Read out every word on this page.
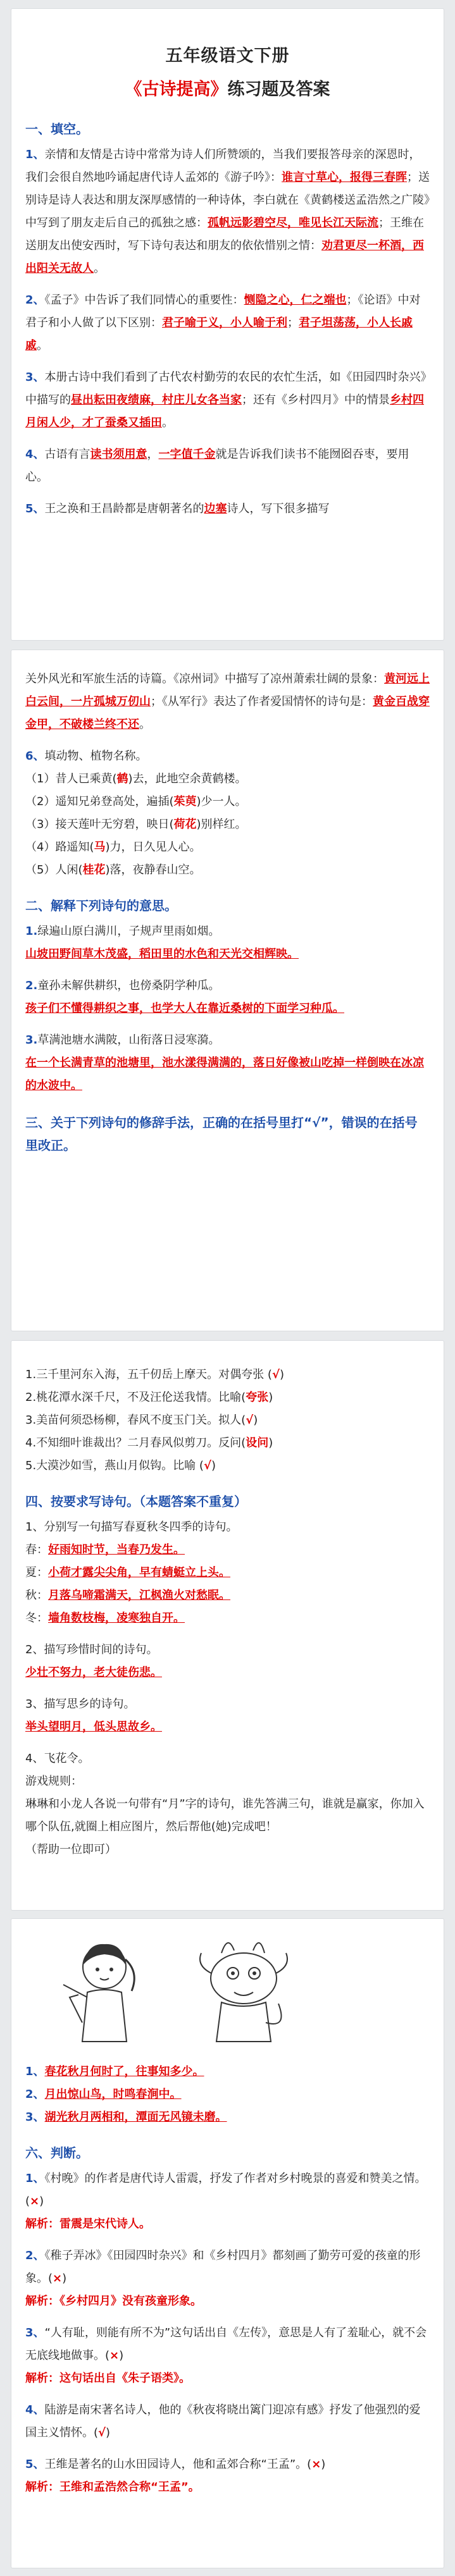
五年级语文下册
《古诗提高》练习题及答案
一、填空。

1、亲情和友情是古诗中常常为诗人们所赞颂的，当我们要报答母亲的深恩时，我们会很自然地吟诵起唐代诗人孟郊的《游子吟》：谁言寸草心，报得三春晖；送别诗是诗人表达和朋友深厚感情的一种诗体，李白就在《黄鹤楼送孟浩然之广陵》中写到了朋友走后自己的孤独之感：孤帆远影碧空尽，唯见长江天际流；王维在送朋友出使安西时，写下诗句表达和朋友的依依惜别之情：劝君更尽一杯酒，西出阳关无故人。

2、《孟子》中告诉了我们同情心的重要性：恻隐之心，仁之端也；《论语》中对君子和小人做了以下区别：君子喻于义，小人喻于利；君子坦荡荡，小人长戚戚。

3、本册古诗中我们看到了古代农村勤劳的农民的农忙生活，如《田园四时杂兴》中描写的昼出耘田夜绩麻，村庄儿女各当家；还有《乡村四月》中的情景乡村四月闲人少，才了蚕桑又插田。

4、古语有言读书须用意，一字值千金就是告诉我们读书不能囫囵吞枣，要用心。

5、王之涣和王昌龄都是唐朝著名的边塞诗人，写下很多描写

关外风光和军旅生活的诗篇。《凉州词》中描写了凉州萧索壮阔的景象：黄河远上白云间，一片孤城万仞山；《从军行》表达了作者爱国情怀的诗句是：黄金百战穿金甲，不破楼兰终不还。

6、填动物、植物名称。

（1）昔人已乘黄(鹤)去，此地空余黄鹤楼。

（2）遥知兄弟登高处，遍插(茱萸)少一人。

（3）接天莲叶无穷碧，映日(荷花)别样红。

（4）路遥知(马)力，日久见人心。

（5）人闲(桂花)落，夜静春山空。

二、解释下列诗句的意思。

1.绿遍山原白满川，子规声里雨如烟。

山坡田野间草木茂盛，稻田里的水色和天光交相辉映。

2.童孙未解供耕织，也傍桑阴学种瓜。

孩子们不懂得耕织之事，也学大人在靠近桑树的下面学习种瓜。

3.草满池塘水满陂，山衔落日浸寒漪。

在一个长满青草的池塘里，池水漾得满满的，落日好像被山吃掉一样倒映在冰凉的水波中。

三、关于下列诗句的修辞手法，正确的在括号里打“√”，错误的在括号里改正。

1.三千里河东入海，五千仞岳上摩天。对偶夸张 (√)

2.桃花潭水深千尺，不及汪伦送我情。比喻(夸张)

3.美苗何须恐杨柳，春风不度玉门关。拟人(√)

4.不知细叶谁裁出？二月春风似剪刀。反问(设问)

5.大漠沙如雪，燕山月似钩。比喻 (√)

四、按要求写诗句。（本题答案不重复）

1、分别写一句描写春夏秋冬四季的诗句。

春：好雨知时节，当春乃发生。

夏：小荷才露尖尖角，早有蜻蜓立上头。

秋：月落乌啼霜满天，江枫渔火对愁眠。

冬：墙角数枝梅，凌寒独自开。

2、描写珍惜时间的诗句。

少壮不努力，老大徒伤悲。

3、描写思乡的诗句。

举头望明月，低头思故乡。

4、飞花令。

游戏规则：

琳琳和小龙人各说一句带有“月”字的诗句，谁先答满三句，谁就是赢家，你加入哪个队伍,就圈上相应图片，然后帮他(她)完成吧！

（帮助一位即可）

1、春花秋月何时了，往事知多少。

2、月出惊山鸟，时鸣春涧中。

3、湖光秋月两相和，潭面无风镜未磨。

六、判断。

1、《村晚》的作者是唐代诗人雷震，抒发了作者对乡村晚景的喜爱和赞美之情。(×)

解析：雷震是宋代诗人。

2、《稚子弄冰》《田园四时杂兴》和《乡村四月》都刻画了勤劳可爱的孩童的形象。(×)

解析：《乡村四月》没有孩童形象。

3、“人有耻，则能有所不为”这句话出自《左传》，意思是人有了羞耻心，就不会无底线地做事。(×)

解析：这句话出自《朱子语类》。

4、陆游是南宋著名诗人，他的《秋夜将晓出篱门迎凉有感》抒发了他强烈的爱国主义情怀。(√)

5、王维是著名的山水田园诗人，他和孟郊合称“王孟”。(×)

解析：王维和孟浩然合称“王孟”。
